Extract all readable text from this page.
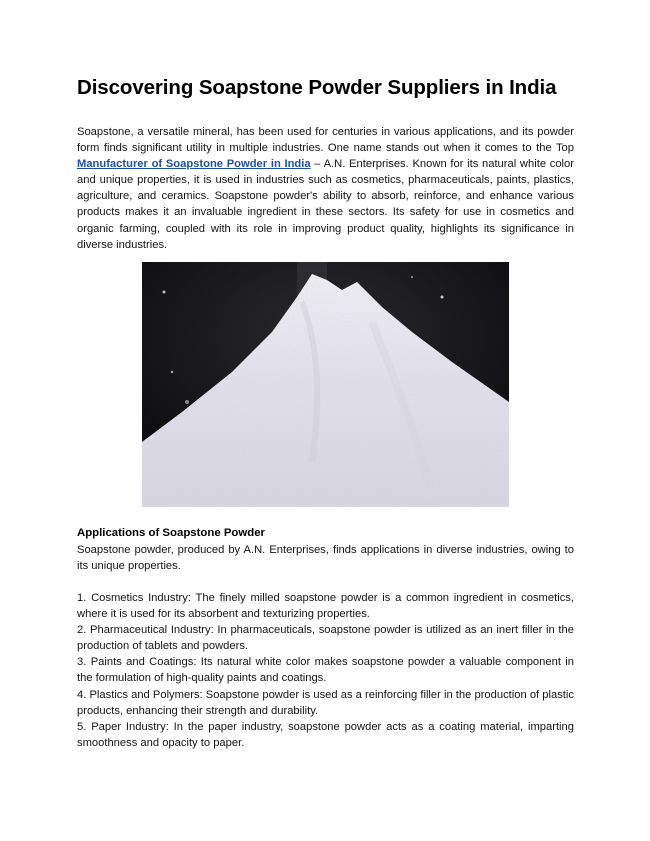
Discovering Soapstone Powder Suppliers in India

Soapstone, a versatile mineral, has been used for centuries in various applications, and its powder form finds significant utility in multiple industries. One name stands out when it comes to the Top Manufacturer of Soapstone Powder in India – A.N. Enterprises. Known for its natural white color and unique properties, it is used in industries such as cosmetics, pharmaceuticals, paints, plastics, agriculture, and ceramics. Soapstone powder's ability to absorb, reinforce, and enhance various products makes it an invaluable ingredient in these sectors. Its safety for use in cosmetics and organic farming, coupled with its role in improving product quality, highlights its significance in diverse industries.

Applications of Soapstone Powder

Soapstone powder, produced by A.N. Enterprises, finds applications in diverse industries, owing to its unique properties.

1. Cosmetics Industry: The finely milled soapstone powder is a common ingredient in cosmetics, where it is used for its absorbent and texturizing properties.
2. Pharmaceutical Industry: In pharmaceuticals, soapstone powder is utilized as an inert filler in the production of tablets and powders.
3. Paints and Coatings: Its natural white color makes soapstone powder a valuable component in the formulation of high-quality paints and coatings.
4. Plastics and Polymers: Soapstone powder is used as a reinforcing filler in the production of plastic products, enhancing their strength and durability.
5. Paper Industry: In the paper industry, soapstone powder acts as a coating material, imparting smoothness and opacity to paper.
